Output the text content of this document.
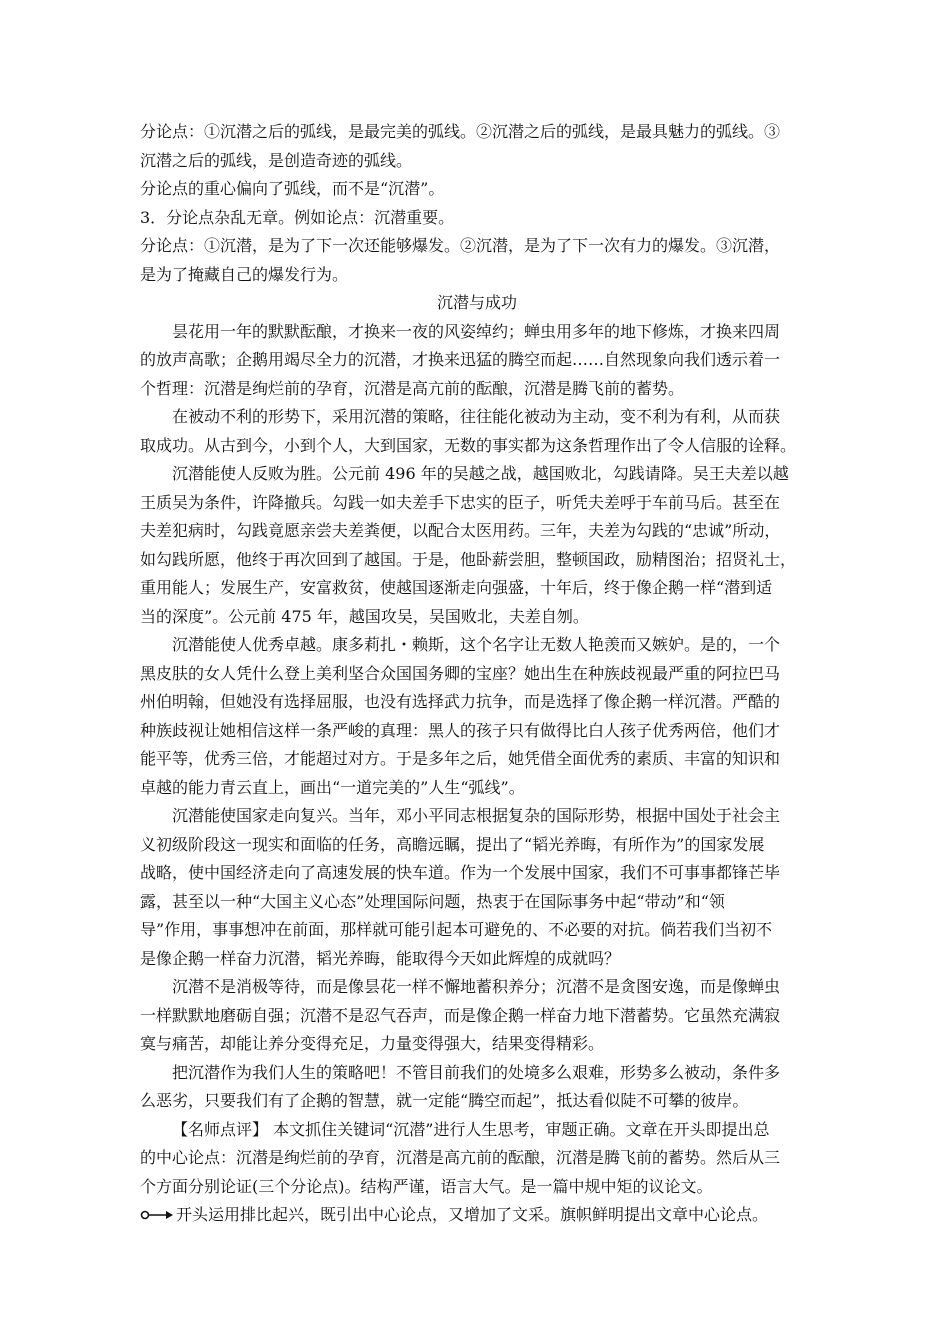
分论点：①沉潜之后的弧线，是最完美的弧线。②沉潜之后的弧线，是最具魅力的弧线。③
沉潜之后的弧线，是创造奇迹的弧线。
分论点的重心偏向了弧线，而不是“沉潜”。
3．分论点杂乱无章。例如论点：沉潜重要。
分论点：①沉潜，是为了下一次还能够爆发。②沉潜，是为了下一次有力的爆发。③沉潜，
是为了掩藏自己的爆发行为。
沉潜与成功
昙花用一年的默默酝酿，才换来一夜的风姿绰约；蝉虫用多年的地下修炼，才换来四周
的放声高歌；企鹅用竭尽全力的沉潜，才换来迅猛的腾空而起……自然现象向我们透示着一
个哲理：沉潜是绚烂前的孕育，沉潜是高亢前的酝酿，沉潜是腾飞前的蓄势。
在被动不利的形势下，采用沉潜的策略，往往能化被动为主动，变不利为有利，从而获
取成功。从古到今，小到个人，大到国家，无数的事实都为这条哲理作出了令人信服的诠释。
沉潜能使人反败为胜。公元前 496 年的吴越之战，越国败北，勾践请降。吴王夫差以越
王质吴为条件，许降撤兵。勾践一如夫差手下忠实的臣子，听凭夫差呼于车前马后。甚至在
夫差犯病时，勾践竟愿亲尝夫差粪便，以配合太医用药。三年，夫差为勾践的“忠诚”所动，
如勾践所愿，他终于再次回到了越国。于是，他卧薪尝胆，整顿国政，励精图治；招贤礼士，
重用能人；发展生产，安富救贫，使越国逐渐走向强盛，十年后，终于像企鹅一样“潜到适
当的深度”。公元前 475 年，越国攻吴，吴国败北，夫差自刎。
沉潜能使人优秀卓越。康多莉扎・赖斯，这个名字让无数人艳羡而又嫉妒。是的，一个
黑皮肤的女人凭什么登上美利坚合众国国务卿的宝座？她出生在种族歧视最严重的阿拉巴马
州伯明翰，但她没有选择屈服，也没有选择武力抗争，而是选择了像企鹅一样沉潜。严酷的
种族歧视让她相信这样一条严峻的真理：黑人的孩子只有做得比白人孩子优秀两倍，他们才
能平等，优秀三倍，才能超过对方。于是多年之后，她凭借全面优秀的素质、丰富的知识和
卓越的能力青云直上，画出“一道完美的”人生“弧线”。
沉潜能使国家走向复兴。当年，邓小平同志根据复杂的国际形势，根据中国处于社会主
义初级阶段这一现实和面临的任务，高瞻远瞩，提出了“韬光养晦，有所作为”的国家发展
战略，使中国经济走向了高速发展的快车道。作为一个发展中国家，我们不可事事都锋芒毕
露，甚至以一种“大国主义心态”处理国际问题，热衷于在国际事务中起“带动”和“领
导”作用，事事想冲在前面，那样就可能引起本可避免的、不必要的对抗。倘若我们当初不
是像企鹅一样奋力沉潜，韬光养晦，能取得今天如此辉煌的成就吗？
沉潜不是消极等待，而是像昙花一样不懈地蓄积养分；沉潜不是贪图安逸，而是像蝉虫
一样默默地磨砺自强；沉潜不是忍气吞声，而是像企鹅一样奋力地下潜蓄势。它虽然充满寂
寞与痛苦，却能让养分变得充足，力量变得强大，结果变得精彩。
把沉潜作为我们人生的策略吧！不管目前我们的处境多么艰难，形势多么被动，条件多
么恶劣，只要我们有了企鹅的智慧，就一定能“腾空而起”，抵达看似陡不可攀的彼岸。
【名师点评】 本文抓住关键词“沉潜”进行人生思考，审题正确。文章在开头即提出总
的中心论点：沉潜是绚烂前的孕育，沉潜是高亢前的酝酿，沉潜是腾飞前的蓄势。然后从三
个方面分别论证(三个分论点)。结构严谨，语言大气。是一篇中规中矩的议论文。
开头运用排比起兴，既引出中心论点，又增加了文采。旗帜鲜明提出文章中心论点。
